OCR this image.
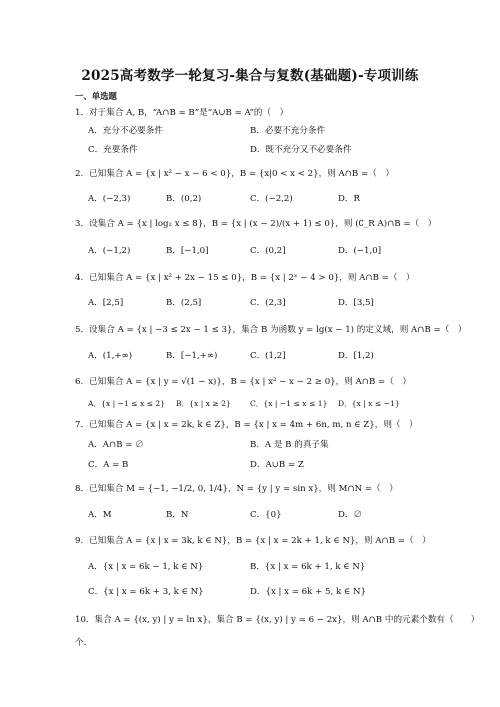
2025高考数学一轮复习-集合与复数(基础题)-专项训练
一、单选题
1．对于集合 A, B，“A∩B = B”是“A∪B = A”的（　）
A．充分不必要条件	B．必要不充分条件
C．充要条件	D．既不充分又不必要条件
2．已知集合 A = {x | x² − x − 6 < 0}，B = {x|0 < x < 2}，则 A∩B =（　）
A．(−2,3)	B．(0,2)	C．(−2,2)	D．R
3．设集合 A = {x | log₂ x ≤ 8}，B = {x | (x − 2)/(x + 1) ≤ 0}，则 (∁_R A)∩B =（　）
A．(−1,2)	B．[−1,0]	C．(0,2]	D．(−1,0]
4．已知集合 A = {x | x² + 2x − 15 ≤ 0}，B = {x | 2ˣ − 4 > 0}，则 A∩B =（　）
A．[2,5]	B．(2,5]	C．(2,3]	D．[3,5]
5．设集合 A = {x | −3 ≤ 2x − 1 ≤ 3}，集合 B 为函数 y = lg(x − 1) 的定义域，则 A∩B =（　）
A．(1,+∞)	B．[−1,+∞)	C．(1,2]	D．[1,2)
6．已知集合 A = {x | y = √(1 − x)}，B = {x | x² − x − 2 ≥ 0}，则 A∩B =（　）
A．{x | −1 ≤ x ≤ 2} B．{x | x ≥ 2}	C．{x | −1 ≤ x ≤ 1} D．{x | x ≤ −1}
7．已知集合 A = {x | x = 2k, k ∈ Z}，B = {x | x = 4m + 6n, m, n ∈ Z}，则（　）
A．A∩B = ∅	B．A 是 B 的真子集
C．A = B	D．A∪B = Z
8．已知集合 M = {−1, −1/2, 0, 1/4}，N = {y | y = sin x}，则 M∩N =（　）
A．M	B．N	C．{0}	D．∅
9．已知集合 A = {x | x = 3k, k ∈ N}，B = {x | x = 2k + 1, k ∈ N}，则 A∩B =（　）
A．{x | x = 6k − 1, k ∈ N}	B．{x | x = 6k + 1, k ∈ N}
C．{x | x = 6k + 3, k ∈ N}	D．{x | x = 6k + 5, k ∈ N}
10．集合 A = {(x, y) | y = ln x}，集合 B = {(x, y) | y = 6 − 2x}，则 A∩B 中的元素个数有（　　）
个.
